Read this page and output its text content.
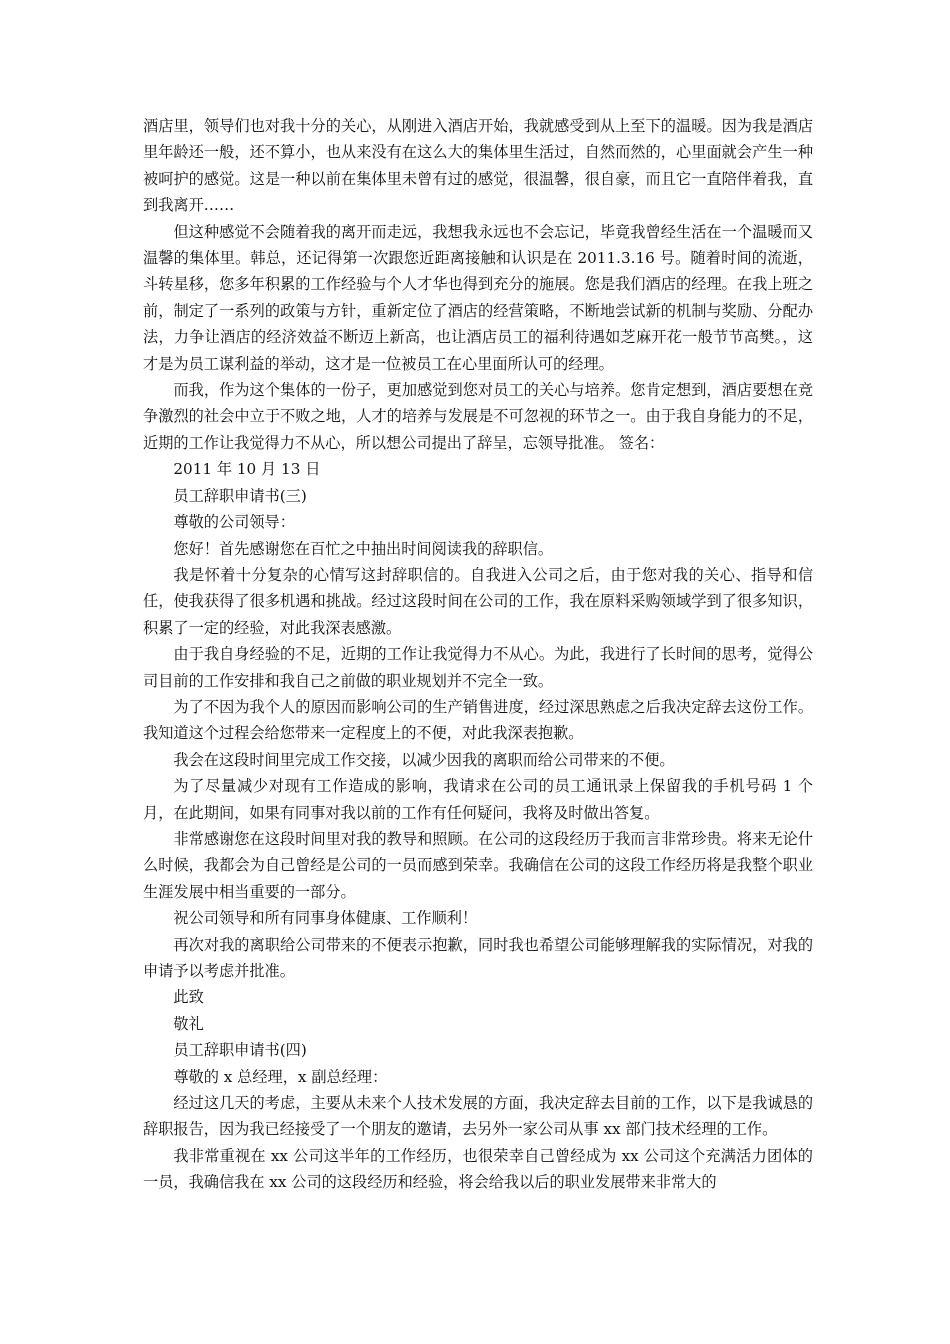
酒店里，领导们也对我十分的关心，从刚进入酒店开始，我就感受到从上至下的温暖。因为我是酒店里年龄还一般，还不算小，也从来没有在这么大的集体里生活过，自然而然的，心里面就会产生一种被呵护的感觉。这是一种以前在集体里未曾有过的感觉，很温馨，很自豪，而且它一直陪伴着我，直到我离开……

但这种感觉不会随着我的离开而走远，我想我永远也不会忘记，毕竟我曾经生活在一个温暖而又温馨的集体里。韩总，还记得第一次跟您近距离接触和认识是在 2011.3.16 号。随着时间的流逝，斗转星移，您多年积累的工作经验与个人才华也得到充分的施展。您是我们酒店的经理。在我上班之前，制定了一系列的政策与方针，重新定位了酒店的经营策略，不断地尝试新的机制与奖励、分配办法，力争让酒店的经济效益不断迈上新高，也让酒店员工的福利待遇如芝麻开花一般节节高樊。，这才是为员工谋利益的举动，这才是一位被员工在心里面所认可的经理。

而我，作为这个集体的一份子，更加感觉到您对员工的关心与培养。您肯定想到，酒店要想在竞争激烈的社会中立于不败之地，人才的培养与发展是不可忽视的环节之一。由于我自身能力的不足，近期的工作让我觉得力不从心，所以想公司提出了辞呈，忘领导批准。 签名：

2011 年 10 月 13 日

员工辞职申请书(三)

尊敬的公司领导：

您好！首先感谢您在百忙之中抽出时间阅读我的辞职信。

我是怀着十分复杂的心情写这封辞职信的。自我进入公司之后，由于您对我的关心、指导和信任，使我获得了很多机遇和挑战。经过这段时间在公司的工作，我在原料采购领域学到了很多知识，积累了一定的经验，对此我深表感激。

由于我自身经验的不足，近期的工作让我觉得力不从心。为此，我进行了长时间的思考，觉得公司目前的工作安排和我自己之前做的职业规划并不完全一致。

为了不因为我个人的原因而影响公司的生产销售进度，经过深思熟虑之后我决定辞去这份工作。我知道这个过程会给您带来一定程度上的不便，对此我深表抱歉。

我会在这段时间里完成工作交接，以减少因我的离职而给公司带来的不便。

为了尽量减少对现有工作造成的影响，我请求在公司的员工通讯录上保留我的手机号码 1 个月，在此期间，如果有同事对我以前的工作有任何疑问，我将及时做出答复。

非常感谢您在这段时间里对我的教导和照顾。在公司的这段经历于我而言非常珍贵。将来无论什么时候，我都会为自己曾经是公司的一员而感到荣幸。我确信在公司的这段工作经历将是我整个职业生涯发展中相当重要的一部分。

祝公司领导和所有同事身体健康、工作顺利！

再次对我的离职给公司带来的不便表示抱歉，同时我也希望公司能够理解我的实际情况，对我的申请予以考虑并批准。

此致

敬礼

员工辞职申请书(四)

尊敬的 x 总经理，x 副总经理：

经过这几天的考虑，主要从未来个人技术发展的方面，我决定辞去目前的工作，以下是我诚恳的辞职报告，因为我已经接受了一个朋友的邀请，去另外一家公司从事 xx 部门技术经理的工作。

我非常重视在 xx 公司这半年的工作经历，也很荣幸自己曾经成为 xx 公司这个充满活力团体的一员，我确信我在 xx 公司的这段经历和经验，将会给我以后的职业发展带来非常大的
